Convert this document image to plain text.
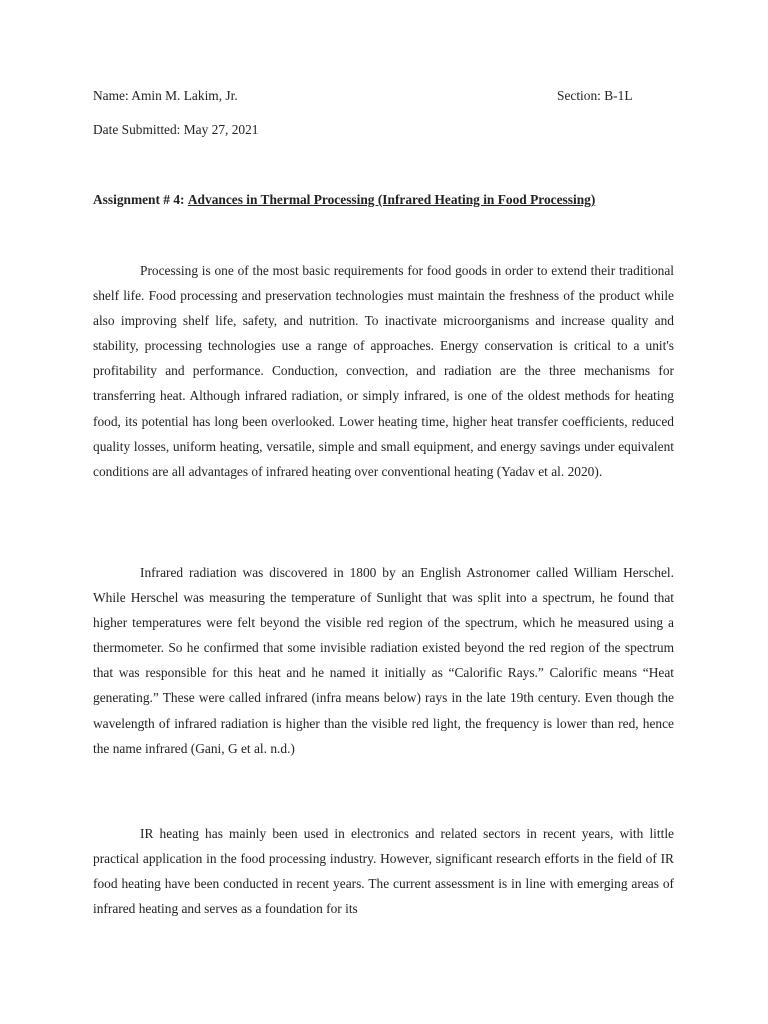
Name: Amin M. Lakim, Jr.	Section: B-1L
Date Submitted: May 27, 2021
Assignment # 4: Advances in Thermal Processing (Infrared Heating in Food Processing)

Processing is one of the most basic requirements for food goods in order to extend their traditional shelf life. Food processing and preservation technologies must maintain the freshness of the product while also improving shelf life, safety, and nutrition. To inactivate microorganisms and increase quality and stability, processing technologies use a range of approaches. Energy conservation is critical to a unit's profitability and performance. Conduction, convection, and radiation are the three mechanisms for transferring heat. Although infrared radiation, or simply infrared, is one of the oldest methods for heating food, its potential has long been overlooked. Lower heating time, higher heat transfer coefficients, reduced quality losses, uniform heating, versatile, simple and small equipment, and energy savings under equivalent conditions are all advantages of infrared heating over conventional heating (Yadav et al. 2020).

Infrared radiation was discovered in 1800 by an English Astronomer called William Herschel. While Herschel was measuring the temperature of Sunlight that was split into a spectrum, he found that higher temperatures were felt beyond the visible red region of the spectrum, which he measured using a thermometer. So he confirmed that some invisible radiation existed beyond the red region of the spectrum that was responsible for this heat and he named it initially as “Calorific Rays.” Calorific means “Heat generating.” These were called infrared (infra means below) rays in the late 19th century. Even though the wavelength of infrared radiation is higher than the visible red light, the frequency is lower than red, hence the name infrared (Gani, G et al. n.d.)

IR heating has mainly been used in electronics and related sectors in recent years, with little practical application in the food processing industry. However, significant research efforts in the field of IR food heating have been conducted in recent years. The current assessment is in line with emerging areas of infrared heating and serves as a foundation for its
